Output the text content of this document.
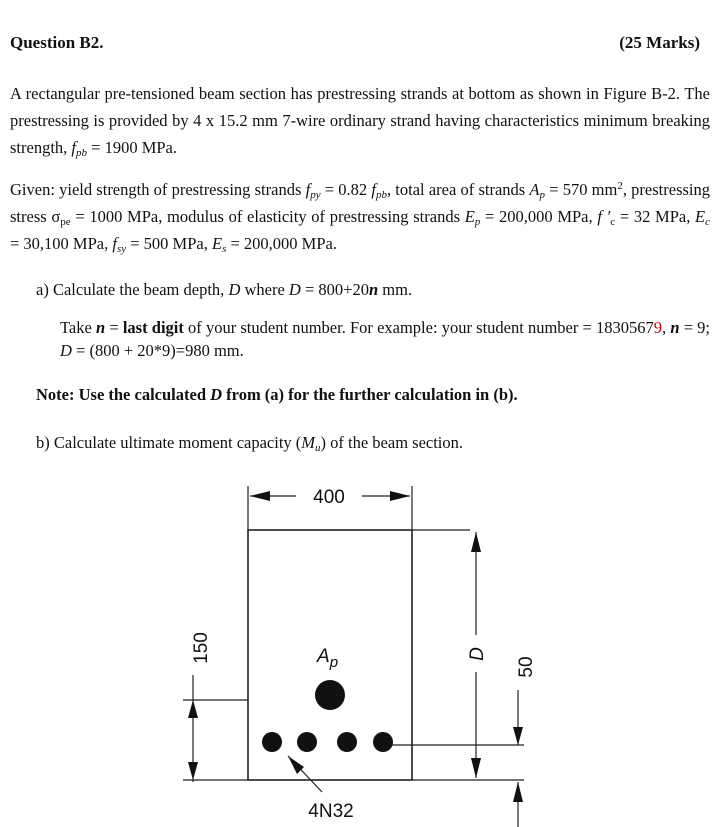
Question B2.	(25 Marks)
A rectangular pre-tensioned beam section has prestressing strands at bottom as shown in Figure B-2. The prestressing is provided by 4 x 15.2 mm 7-wire ordinary strand having characteristics minimum breaking strength, $f_{pb} = 1900$ MPa.
Given: yield strength of prestressing strands $f_{py} = 0.82$ $f_{pb}$, total area of strands $A_p = 570$ $mm^2$, prestressing stress $\sigma_{pe} = 1000$ MPa, modulus of elasticity of prestressing strands $E_p = 200,000$ MPa, f $'_c = 32$ MPa, $E_c = 30,100$ MPa, $f_{sy} = 500$ MPa, $E_s = 200,000$ MPa.
a) Calculate the beam depth, D where D = 800+20n mm.
Take n = last digit of your student number. For example: your student number = 18305679, n = 9; D = (800 + 20*9)=980 mm.
Note: Use the calculated D from (a) for the further calculation in (b).
b) Calculate ultimate moment capacity $(M_u)$ of the beam section.
400
150	D
50
$A_p$
4N32
